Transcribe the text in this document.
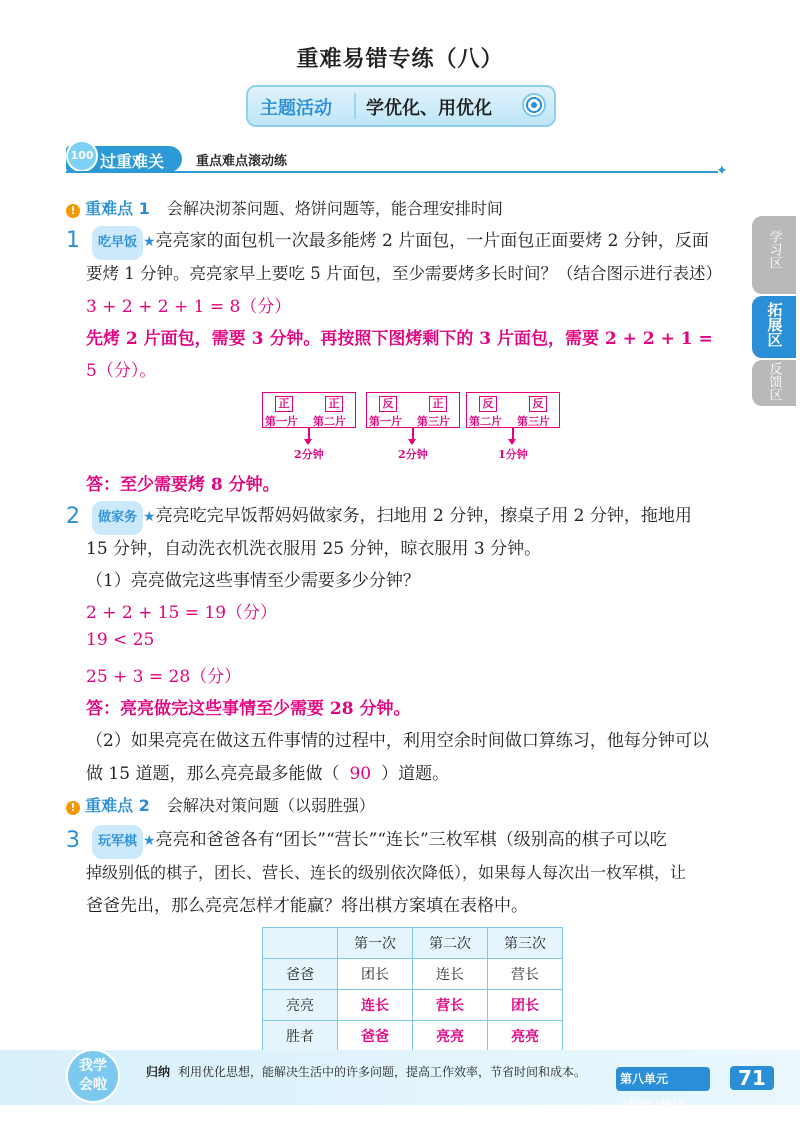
重难易错专练（八）
主题活动 学优化、用优化
过重难关
100	重点难点滚动练
✦
学习区
拓展区
反馈区
! 重难点 1 会解决沏茶问题、烙饼问题等，能合理安排时间
1	吃早饭 ★亮亮家的面包机一次最多能烤 2 片面包，一片面包正面要烤 2 分钟，反面
要烤 1 分钟。亮亮家早上要吃 5 片面包，至少需要烤多长时间？（结合图示进行表述）
3 + 2 + 2 + 1 = 8（分）
先烤 2 片面包，需要 3 分钟。再按照下图烤剩下的 3 片面包，需要 2 + 2 + 1 =
5（分）。
正	正
第一片 第二片
2分钟
反	正
第一片 第三片
2分钟
反	反
第二片 第三片
1分钟
答：至少需要烤 8 分钟。
2	做家务 ★亮亮吃完早饭帮妈妈做家务，扫地用 2 分钟，擦桌子用 2 分钟，拖地用
15 分钟，自动洗衣机洗衣服用 25 分钟，晾衣服用 3 分钟。
（1）亮亮做完这些事情至少需要多少分钟？
2 + 2 + 15 = 19（分）
19 < 25
25 + 3 = 28（分）
答：亮亮做完这些事情至少需要 28 分钟。
（2）如果亮亮在做这五件事情的过程中，利用空余时间做口算练习，他每分钟可以
做 15 道题，那么亮亮最多能做（ 90 ）道题。
! 重难点 2 会解决对策问题（以弱胜强）
3	玩军棋 ★亮亮和爸爸各有“团长”“营长”“连长”三枚军棋（级别高的棋子可以吃
掉级别低的棋子，团长、营长、连长的级别依次降低），如果每人每次出一枚军棋，让
爸爸先出，那么亮亮怎样才能赢？将出棋方案填在表格中。
	第一次	第二次	第三次
爸爸	团长	连长	营长
亮亮	连长	营长	团长
胜者	爸爸	亮亮	亮亮
我学
会啦
归纳 利用优化思想，能解决生活中的许多问题，提高工作效率，节省时间和成本。	第八单元上册认真听 下册最关键
71
